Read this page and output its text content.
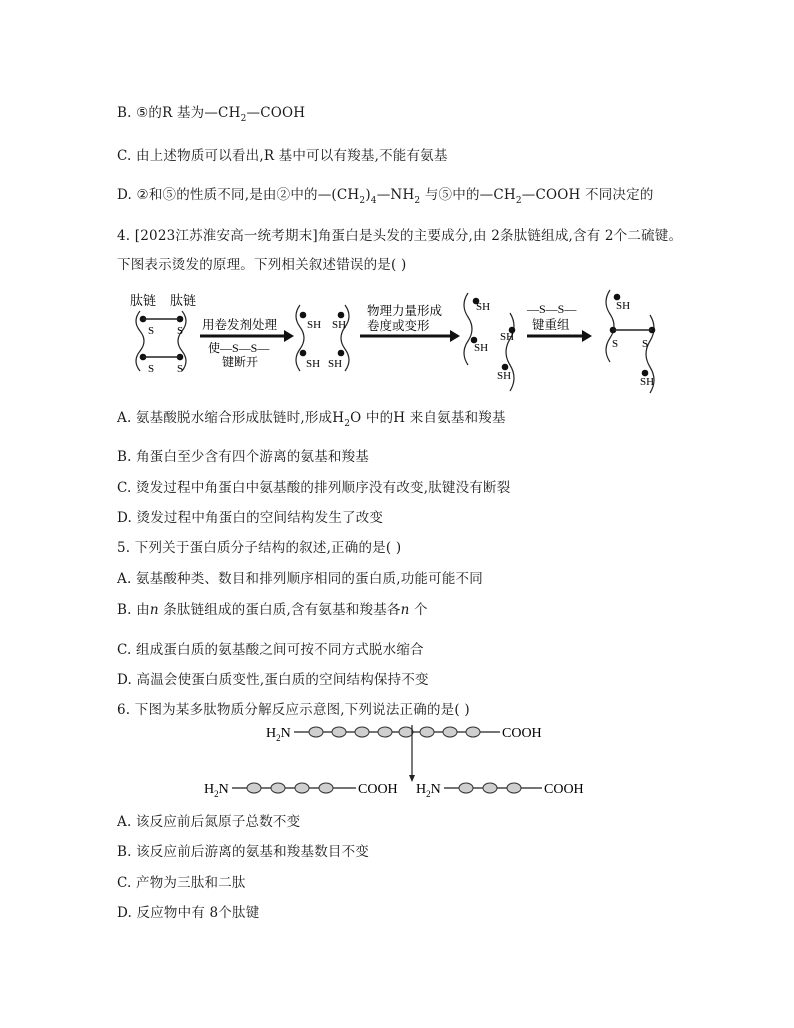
B. ⑤的R 基为$—CH_2—COOH$
C. 由上述物质可以看出,R 基中可以有羧基,不能有氨基
D. ②和⑤的性质不同,是由②中的$—(CH_2)_4—NH_2$ 与⑤中的$—CH_2—COOH$ 不同决定的
4. [2023江苏淮安高一统考期末]角蛋白是头发的主要成分,由 2条肽链组成,含有 2个二硫键。
下图表示烫发的原理。下列相关叙述错误的是( )
肽链 肽链
S S
S S
用卷发剂处理
使—S—S—
键断开
SH SH
SH SH
物理力量形成
卷度或变形
SH
SH
SH
SH
—S—S—
键重组
SH
S S
SH
A. 氨基酸脱水缩合形成肽链时,形成$H_2O$ 中的H 来自氨基和羧基
B. 角蛋白至少含有四个游离的氨基和羧基
C. 烫发过程中角蛋白中氨基酸的排列顺序没有改变,肽键没有断裂
D. 烫发过程中角蛋白的空间结构发生了改变
5. 下列关于蛋白质分子结构的叙述,正确的是( )
A. 氨基酸种类、数目和排列顺序相同的蛋白质,功能可能不同
B. 由n 条肽链组成的蛋白质,含有氨基和羧基各n 个
C. 组成蛋白质的氨基酸之间可按不同方式脱水缩合
D. 高温会使蛋白质变性,蛋白质的空间结构保持不变
6. 下图为某多肽物质分解反应示意图,下列说法正确的是( )
$H_2N$	COOH
$H_2N$	COOH $H_2N$	COOH
A. 该反应前后氮原子总数不变
B. 该反应前后游离的氨基和羧基数目不变
C. 产物为三肽和二肽
D. 反应物中有 8个肽键
